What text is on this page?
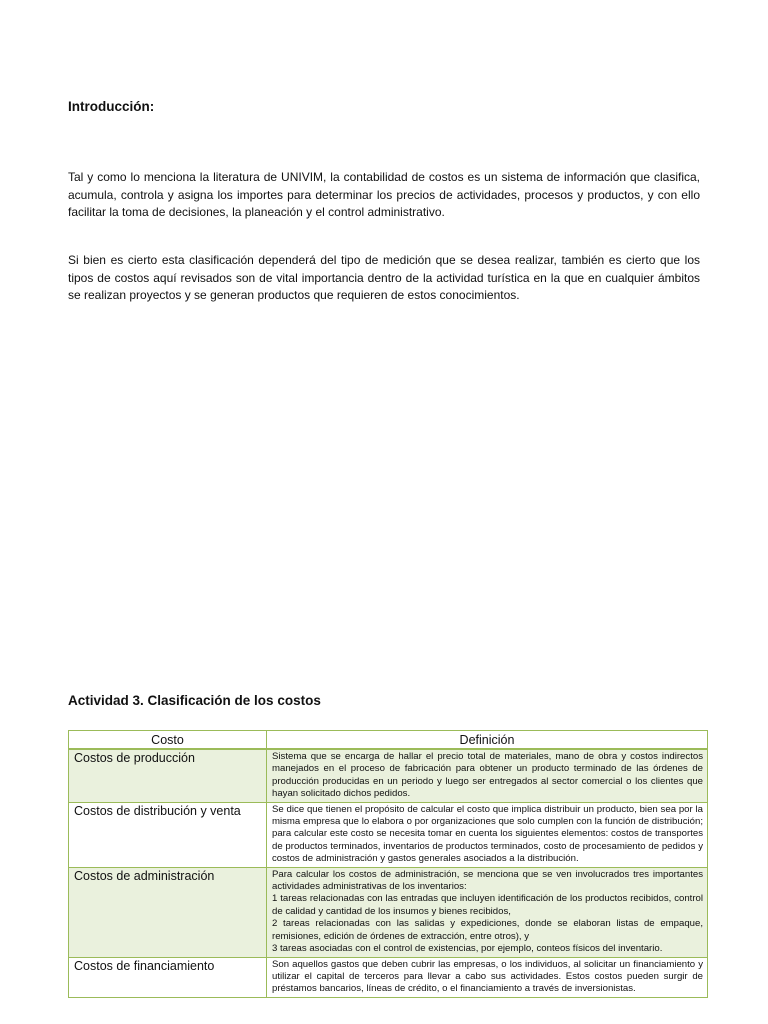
Introducción:

Tal y como lo menciona la literatura de UNIVIM, la contabilidad de costos es un sistema de información que clasifica, acumula, controla y asigna los importes para determinar los precios de actividades, procesos y productos, y con ello facilitar la toma de decisiones, la planeación y el control administrativo.

Si bien es cierto esta clasificación dependerá del tipo de medición que se desea realizar, también es cierto que los tipos de costos aquí revisados son de vital importancia dentro de la actividad turística en la que en cualquier ámbitos se realizan proyectos y se generan productos que requieren de estos conocimientos.

Actividad 3. Clasificación de los costos
Costo	Definición
Costos de producción	Sistema que se encarga de hallar el precio total de materiales, mano de obra y costos indirectos manejados en el proceso de fabricación para obtener un producto terminado de las órdenes de producción producidas en un periodo y luego ser entregados al sector comercial o los clientes que hayan solicitado dichos pedidos.

Costos de distribución y venta	Se dice que tienen el propósito de calcular el costo que implica distribuir un producto, bien sea por la misma empresa que lo elabora o por organizaciones que solo cumplen con la función de distribución; para calcular este costo se necesita tomar en cuenta los siguientes elementos: costos de transportes de productos terminados, inventarios de productos terminados, costo de procesamiento de pedidos y costos de administración y gastos generales asociados a la distribución.

Costos de administración	Para calcular los costos de administración, se menciona que se ven involucrados tres importantes actividades administrativas de los inventarios:
1 tareas relacionadas con las entradas que incluyen identificación de los productos recibidos, control de calidad y cantidad de los insumos y bienes recibidos,
2 tareas relacionadas con las salidas y expediciones, donde se elaboran listas de empaque, remisiones, edición de órdenes de extracción, entre otros), y
3 tareas asociadas con el control de existencias, por ejemplo, conteos físicos del inventario.

Costos de financiamiento	Son aquellos gastos que deben cubrir las empresas, o los individuos, al solicitar un financiamiento y utilizar el capital de terceros para llevar a cabo sus actividades. Estos costos pueden surgir de préstamos bancarios, líneas de crédito, o el financiamiento a través de inversionistas.
